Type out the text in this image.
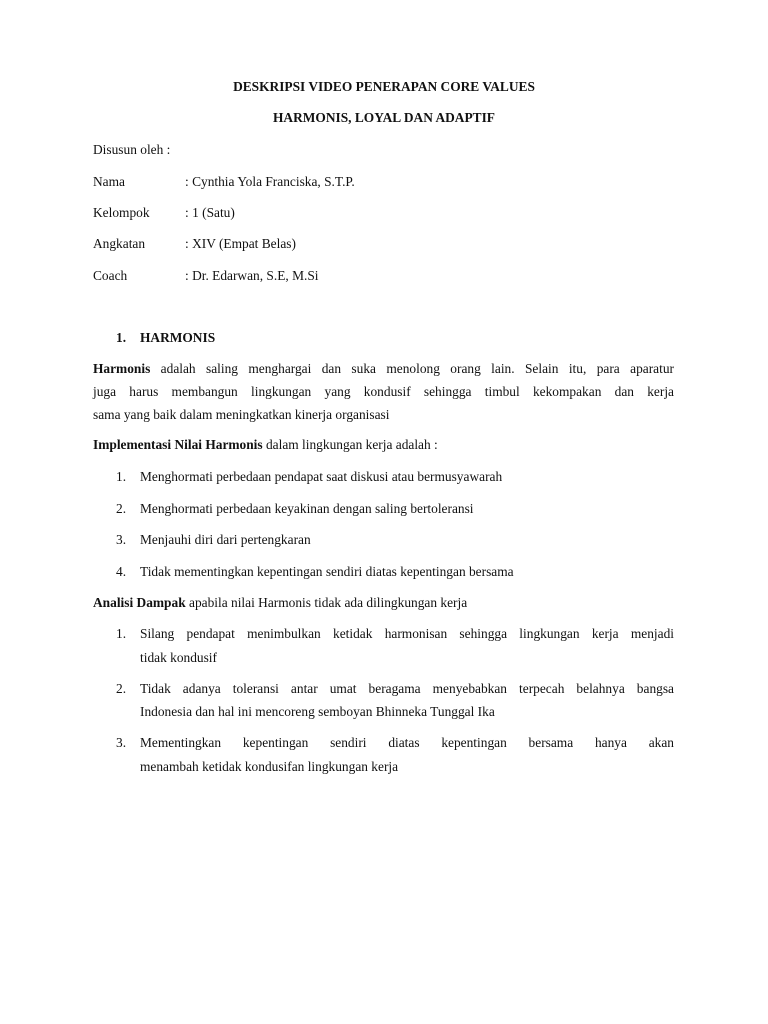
DESKRIPSI VIDEO PENERAPAN CORE VALUES
HARMONIS, LOYAL DAN ADAPTIF
Disusun oleh :
Nama	: Cynthia Yola Franciska, S.T.P.
Kelompok	: 1 (Satu)
Angkatan	: XIV (Empat Belas)
Coach	: Dr. Edarwan, S.E, M.Si
1. HARMONIS
Harmonis adalah saling menghargai dan suka menolong orang lain. Selain itu, para aparatur
juga harus membangun lingkungan yang kondusif sehingga timbul kekompakan dan kerja
sama yang baik dalam meningkatkan kinerja organisasi
Implementasi Nilai Harmonis dalam lingkungan kerja adalah :
1. Menghormati perbedaan pendapat saat diskusi atau bermusyawarah
2. Menghormati perbedaan keyakinan dengan saling bertoleransi
3. Menjauhi diri dari pertengkaran
4. Tidak mementingkan kepentingan sendiri diatas kepentingan bersama
Analisi Dampak apabila nilai Harmonis tidak ada dilingkungan kerja
1. Silang pendapat menimbulkan ketidak harmonisan sehingga lingkungan kerja menjadi
tidak kondusif
2. Tidak adanya toleransi antar umat beragama menyebabkan terpecah belahnya bangsa
Indonesia dan hal ini mencoreng semboyan Bhinneka Tunggal Ika
3. Mementingkan kepentingan sendiri diatas kepentingan bersama hanya akan
menambah ketidak kondusifan lingkungan kerja
